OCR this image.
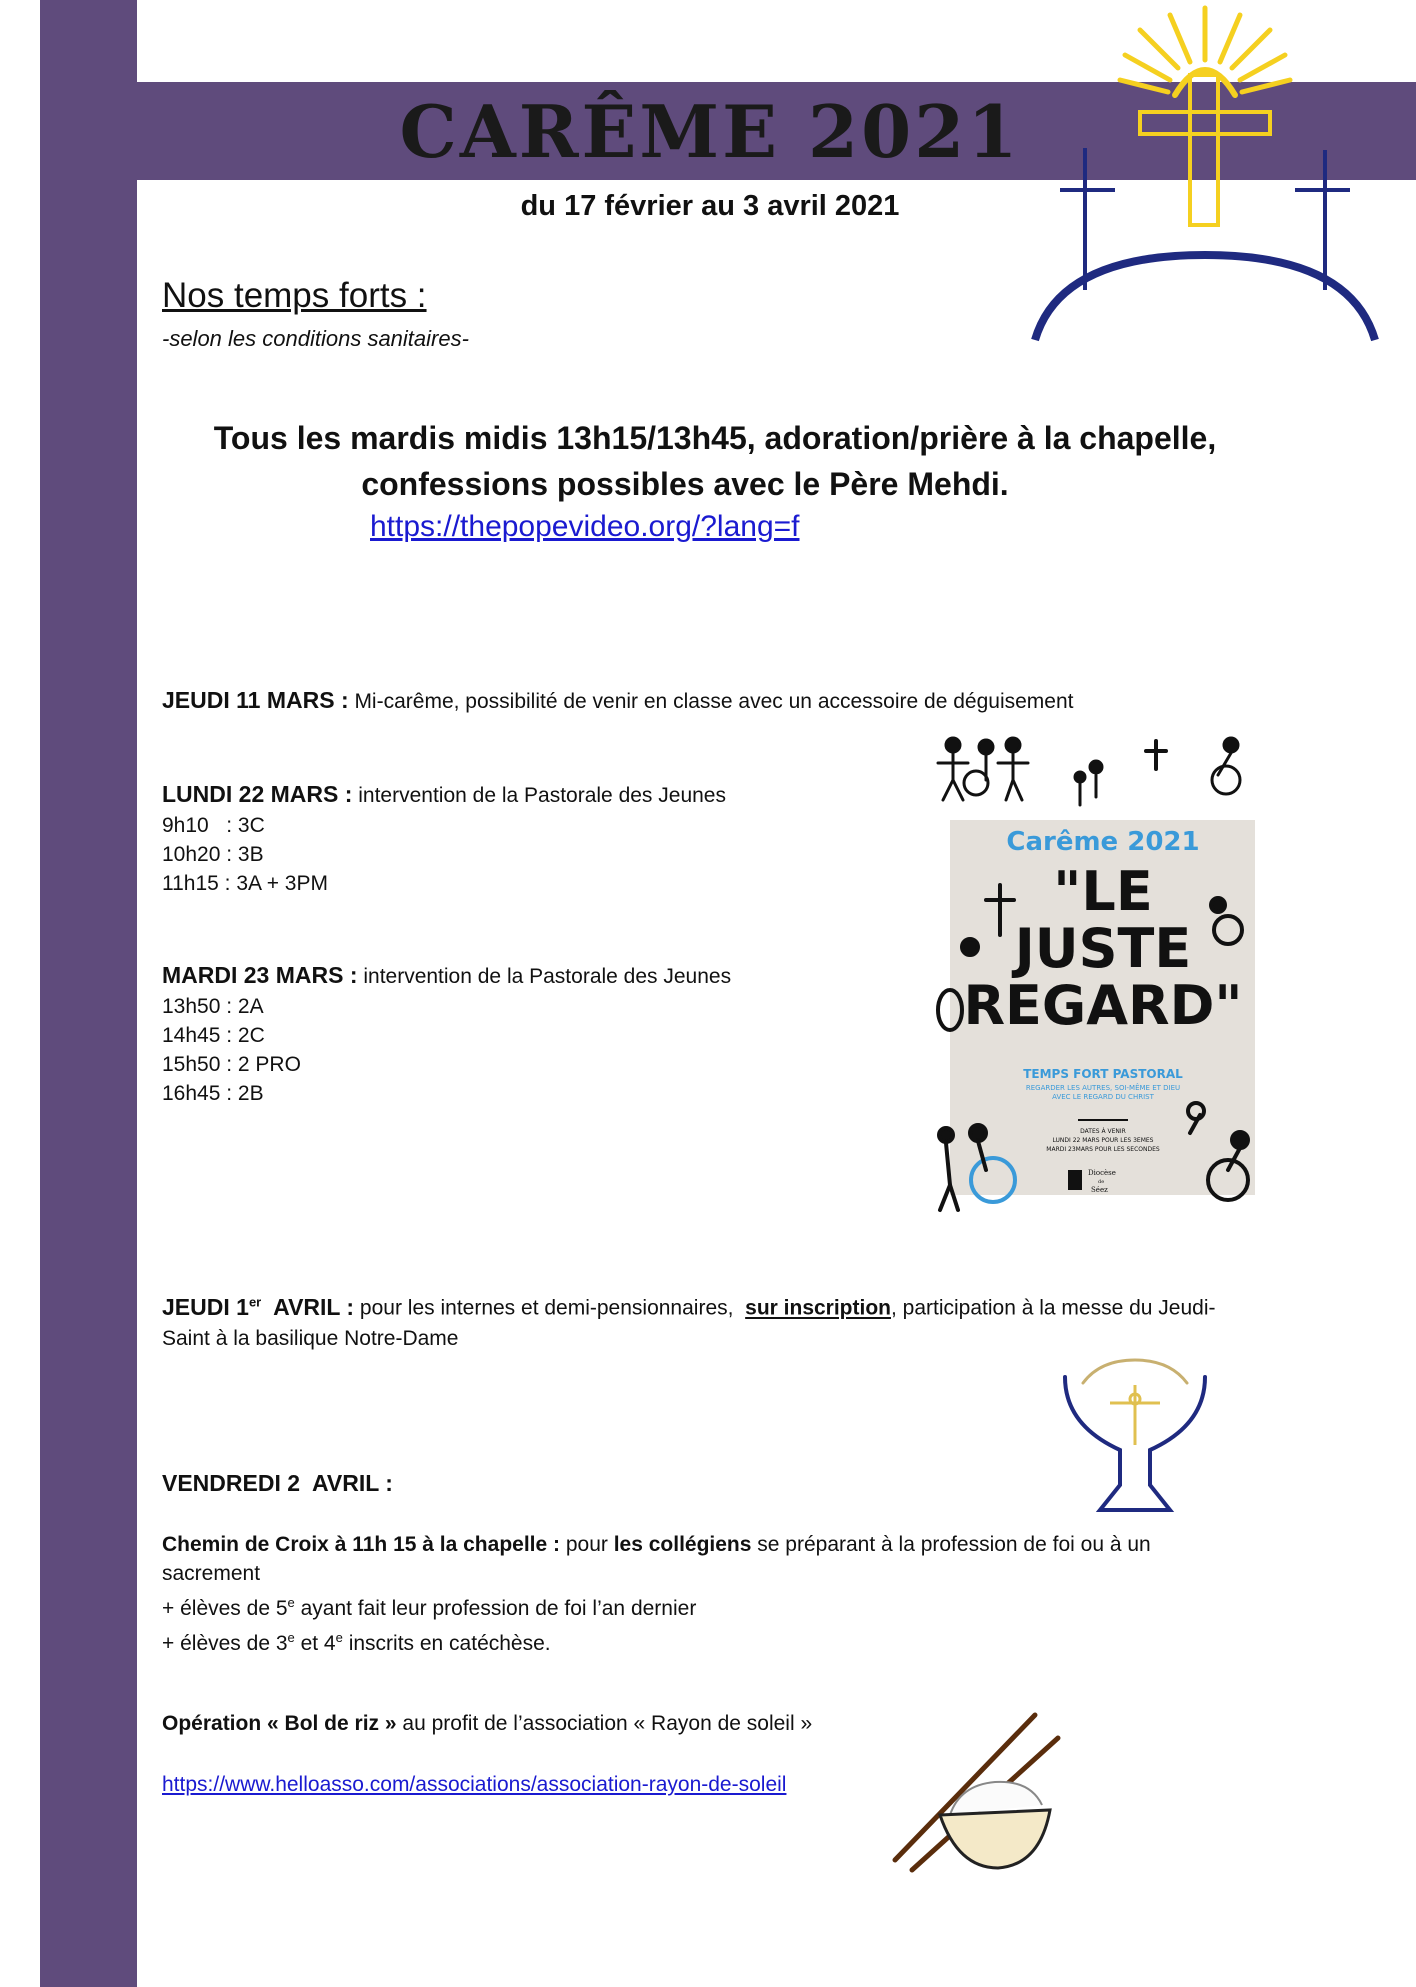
CARÊME 2021
du 17 février au 3 avril 2021
Nos temps forts :
-selon les conditions sanitaires-
Tous les mardis midis 13h15/13h45, adoration/prière à la chapelle,
confessions possibles avec le Père Mehdi.
https://thepopevideo.org/?lang=f
JEUDI 11 MARS : Mi-carême, possibilité de venir en classe avec un accessoire de déguisement
LUNDI 22 MARS : intervention de la Pastorale des Jeunes
9h10   : 3C
10h20 : 3B
11h15 : 3A + 3PM
MARDI 23 MARS : intervention de la Pastorale des Jeunes
13h50 : 2A
14h45 : 2C
15h50 : 2 PRO
16h45 : 2B
Carême 2021
"LE
JUSTE
REGARD"
TEMPS FORT PASTORAL
REGARDER LES AUTRES, SOI-MÊME ET DIEU
AVEC LE REGARD DU CHRIST
DATES À VENIR
LUNDI 22 MARS POUR LES 3EMES
MARDI 23MARS POUR LES SECONDES
Diocèse
de
Séez
JEUDI 1er  AVRIL : pour les internes et demi-pensionnaires,  sur inscription, participation à la messe du Jeudi-
Saint à la basilique Notre-Dame
VENDREDI 2  AVRIL :
Chemin de Croix à 11h 15 à la chapelle : pour les collégiens se préparant à la profession de foi ou à un
sacrement
+ élèves de 5e ayant fait leur profession de foi l’an dernier
+ élèves de 3e et 4e inscrits en catéchèse.
Opération « Bol de riz » au profit de l’association « Rayon de soleil »
https://www.helloasso.com/associations/association-rayon-de-soleil
